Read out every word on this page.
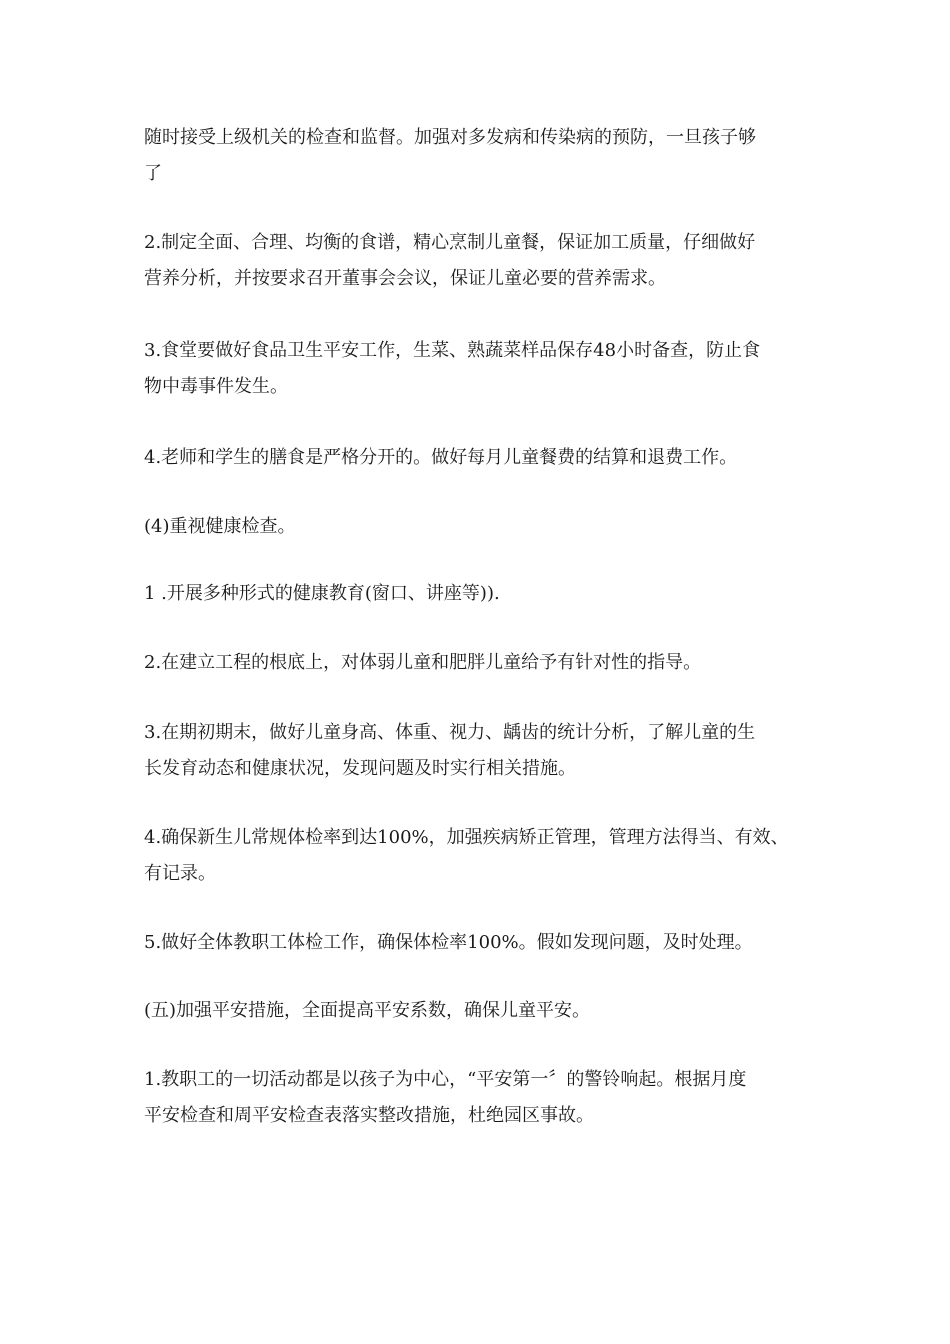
随时接受上级机关的检查和监督。加强对多发病和传染病的预防，一旦孩子够
了

2.制定全面、合理、均衡的食谱，精心烹制儿童餐，保证加工质量，仔细做好
营养分析，并按要求召开董事会会议，保证儿童必要的营养需求。

3.食堂要做好食品卫生平安工作，生菜、熟蔬菜样品保存48小时备查，防止食
物中毒事件发生。

4.老师和学生的膳食是严格分开的。做好每月儿童餐费的结算和退费工作。

(4)重视健康检查。

1 .开展多种形式的健康教育(窗口、讲座等)).

2.在建立工程的根底上，对体弱儿童和肥胖儿童给予有针对性的指导。

3.在期初期末，做好儿童身高、体重、视力、龋齿的统计分析，了解儿童的生
长发育动态和健康状况，发现问题及时实行相关措施。

4.确保新生儿常规体检率到达100%，加强疾病矫正管理，管理方法得当、有效、
有记录。

5.做好全体教职工体检工作，确保体检率100%。假如发现问题，及时处理。

(五)加强平安措施，全面提高平安系数，确保儿童平安。

1.教职工的一切活动都是以孩子为中心，“平安第一〞的警铃响起。根据月度
平安检查和周平安检查表落实整改措施，杜绝园区事故。
